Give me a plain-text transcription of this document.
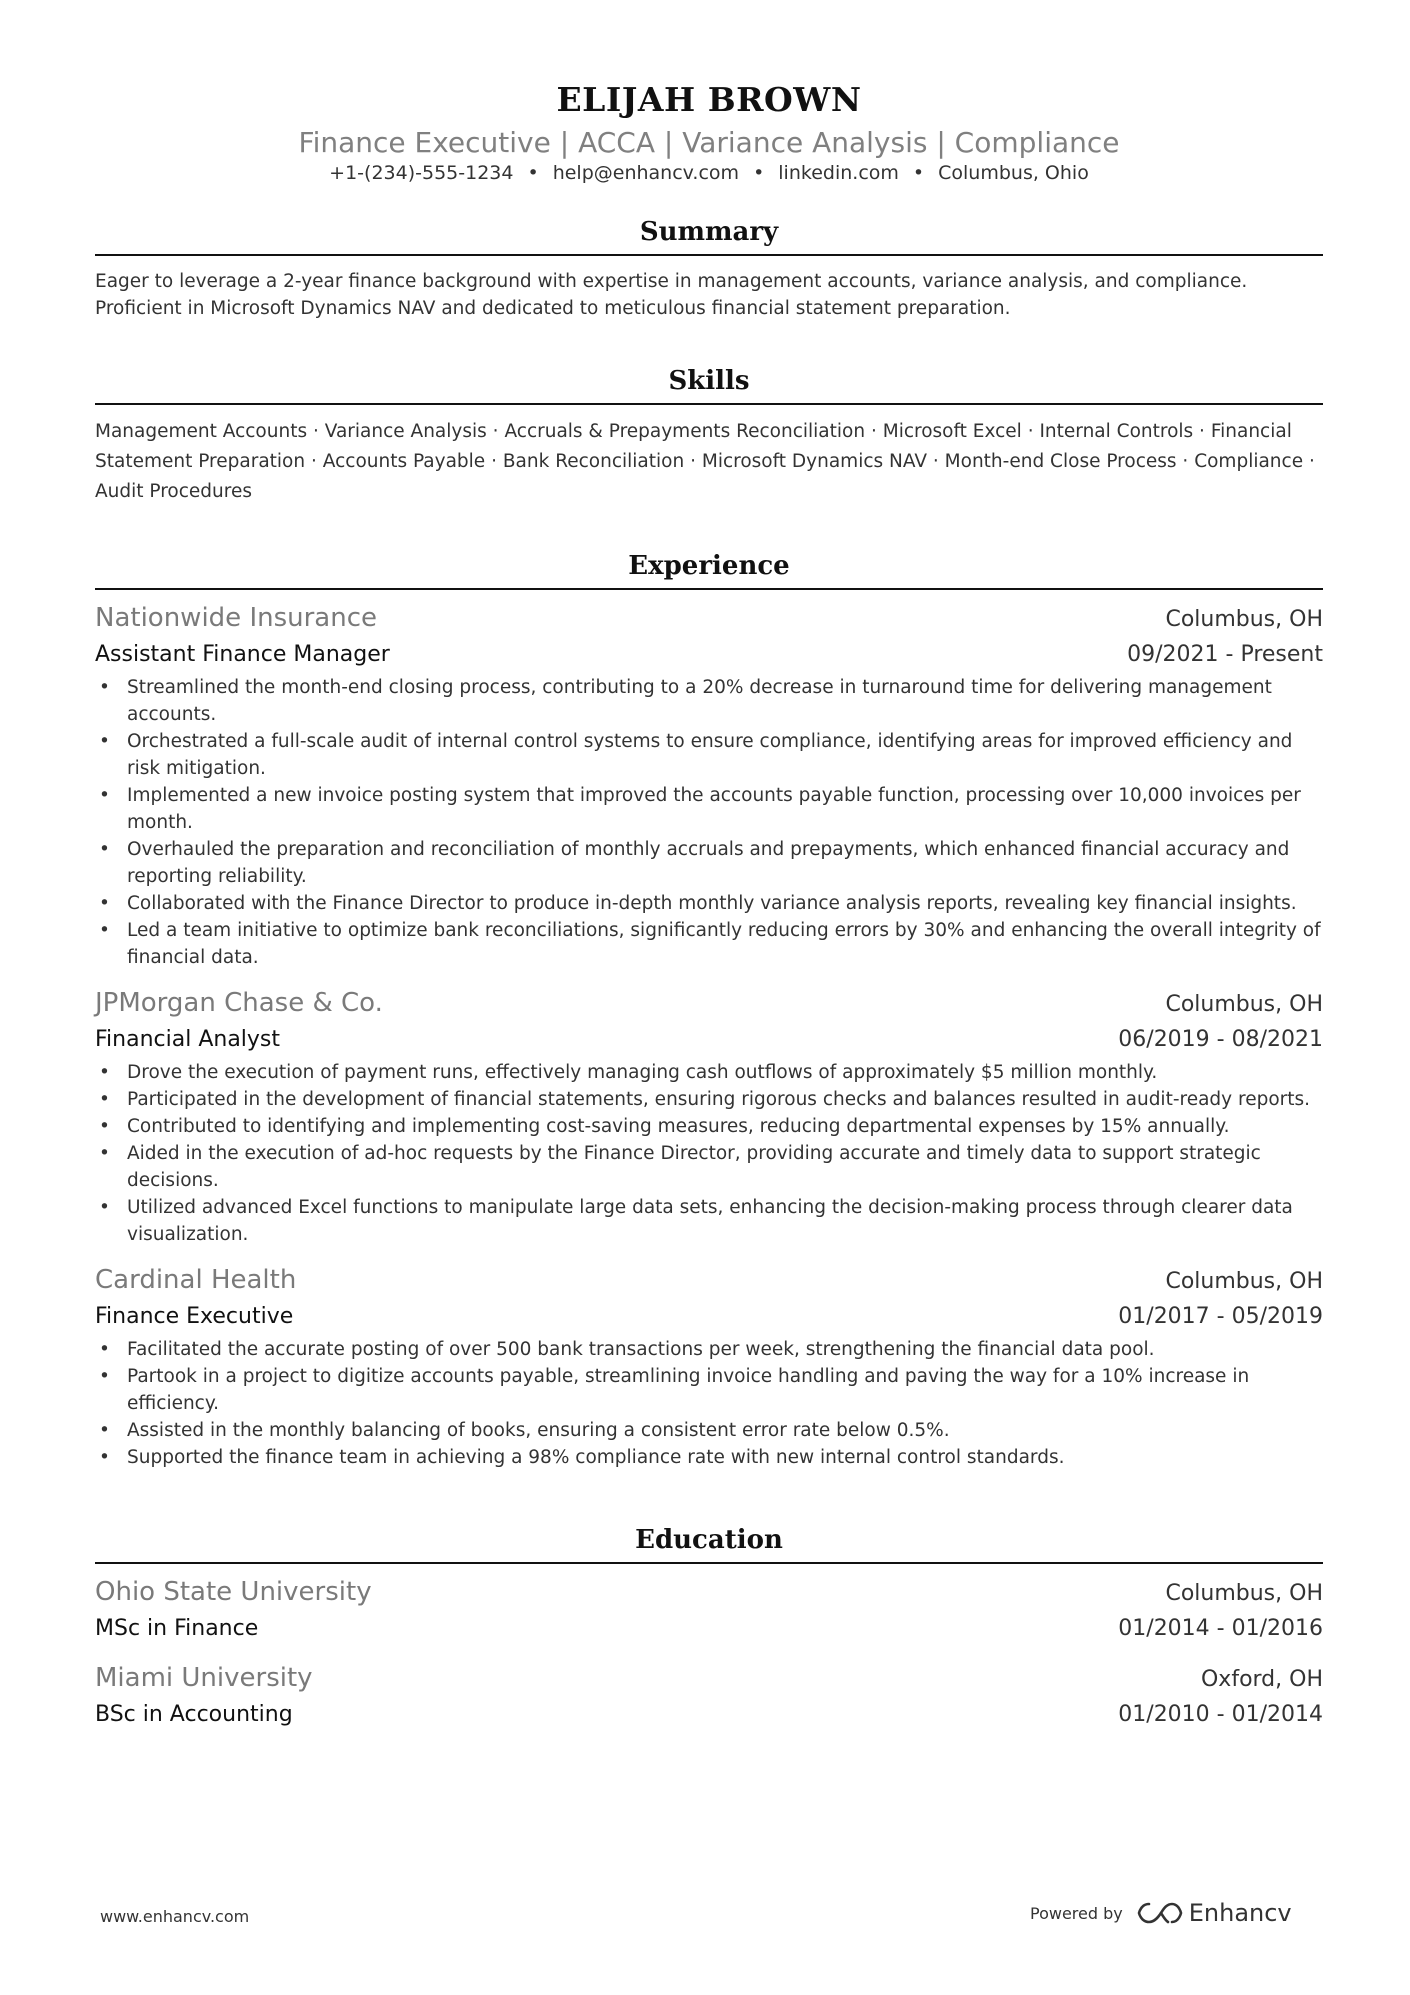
ELIJAH BROWN
Finance Executive | ACCA | Variance Analysis | Compliance
+1-(234)-555-1234 • help@enhancv.com • linkedin.com • Columbus, Ohio
Summary
Eager to leverage a 2-year finance background with expertise in management accounts, variance analysis, and compliance. Proficient in Microsoft Dynamics NAV and dedicated to meticulous financial statement preparation.
Skills
Management Accounts · Variance Analysis · Accruals & Prepayments Reconciliation · Microsoft Excel · Internal Controls · Financial Statement Preparation · Accounts Payable · Bank Reconciliation · Microsoft Dynamics NAV · Month-end Close Process · Compliance · Audit Procedures
Experience
Nationwide Insurance	Columbus, OH
Assistant Finance Manager	09/2021 - Present
• Streamlined the month-end closing process, contributing to a 20% decrease in turnaround time for delivering management accounts.
• Orchestrated a full-scale audit of internal control systems to ensure compliance, identifying areas for improved efficiency and risk mitigation.
• Implemented a new invoice posting system that improved the accounts payable function, processing over 10,000 invoices per month.
• Overhauled the preparation and reconciliation of monthly accruals and prepayments, which enhanced financial accuracy and reporting reliability.
• Collaborated with the Finance Director to produce in-depth monthly variance analysis reports, revealing key financial insights.
• Led a team initiative to optimize bank reconciliations, significantly reducing errors by 30% and enhancing the overall integrity of financial data.
JPMorgan Chase & Co.	Columbus, OH
Financial Analyst	06/2019 - 08/2021
• Drove the execution of payment runs, effectively managing cash outflows of approximately $5 million monthly.
• Participated in the development of financial statements, ensuring rigorous checks and balances resulted in audit-ready reports.
• Contributed to identifying and implementing cost-saving measures, reducing departmental expenses by 15% annually.
• Aided in the execution of ad-hoc requests by the Finance Director, providing accurate and timely data to support strategic decisions.
• Utilized advanced Excel functions to manipulate large data sets, enhancing the decision-making process through clearer data visualization.
Cardinal Health	Columbus, OH
Finance Executive	01/2017 - 05/2019
• Facilitated the accurate posting of over 500 bank transactions per week, strengthening the financial data pool.
• Partook in a project to digitize accounts payable, streamlining invoice handling and paving the way for a 10% increase in efficiency.
• Assisted in the monthly balancing of books, ensuring a consistent error rate below 0.5%.
• Supported the finance team in achieving a 98% compliance rate with new internal control standards.
Education
Ohio State University	Columbus, OH
MSc in Finance	01/2014 - 01/2016
Miami University	Oxford, OH
BSc in Accounting	01/2010 - 01/2014
www.enhancv.com	Powered by	Enhancv
